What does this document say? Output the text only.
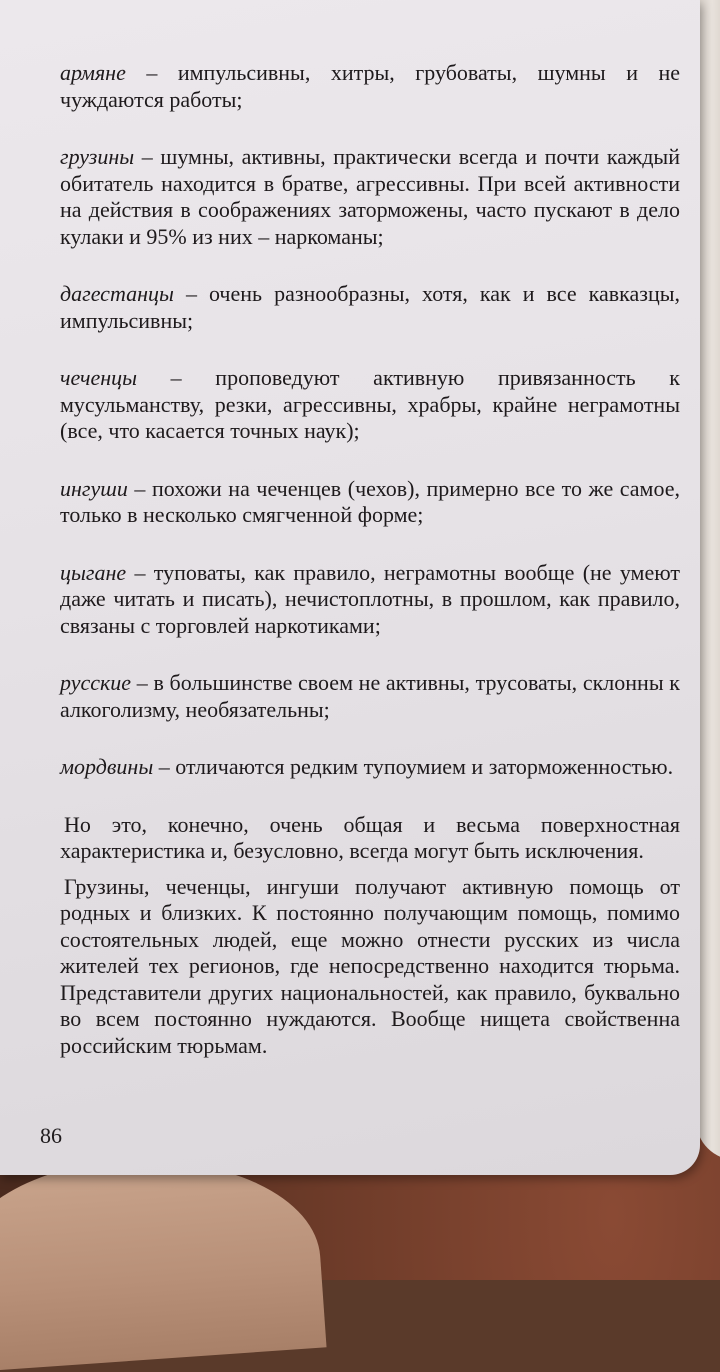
армяне – импульсивны, хитры, грубоваты, шумны и не чуждаются работы;

грузины – шумны, активны, практически всегда и почти каждый обитатель находится в братве, агрессивны. При всей активности на действия в соображениях заторможены, часто пускают в дело кулаки и 95% из них – наркоманы;

дагестанцы – очень разнообразны, хотя, как и все кавказцы, импульсивны;

чеченцы – проповедуют активную привязанность к мусульманству, резки, агрессивны, храбры, крайне неграмотны (все, что касается точных наук);

ингуши – похожи на чеченцев (чехов), примерно все то же самое, только в несколько смягченной форме;

цыгане – туповаты, как правило, неграмотны вообще (не умеют даже читать и писать), нечистоплотны, в прошлом, как правило, связаны с торговлей наркотиками;

русские – в большинстве своем не активны, трусоваты, склонны к алкоголизму, необязательны;

мордвины – отличаются редким тупоумием и заторможенностью.

Но это, конечно, очень общая и весьма поверхностная характеристика и, безусловно, всегда могут быть исключения.

Грузины, чеченцы, ингуши получают активную помощь от родных и близких. К постоянно получающим помощь, помимо состоятельных людей, еще можно отнести русских из числа жителей тех регионов, где непосредственно находится тюрьма. Представители других национальностей, как правило, буквально во всем постоянно нуждаются. Вообще нищета свойственна российским тюрьмам.

86
